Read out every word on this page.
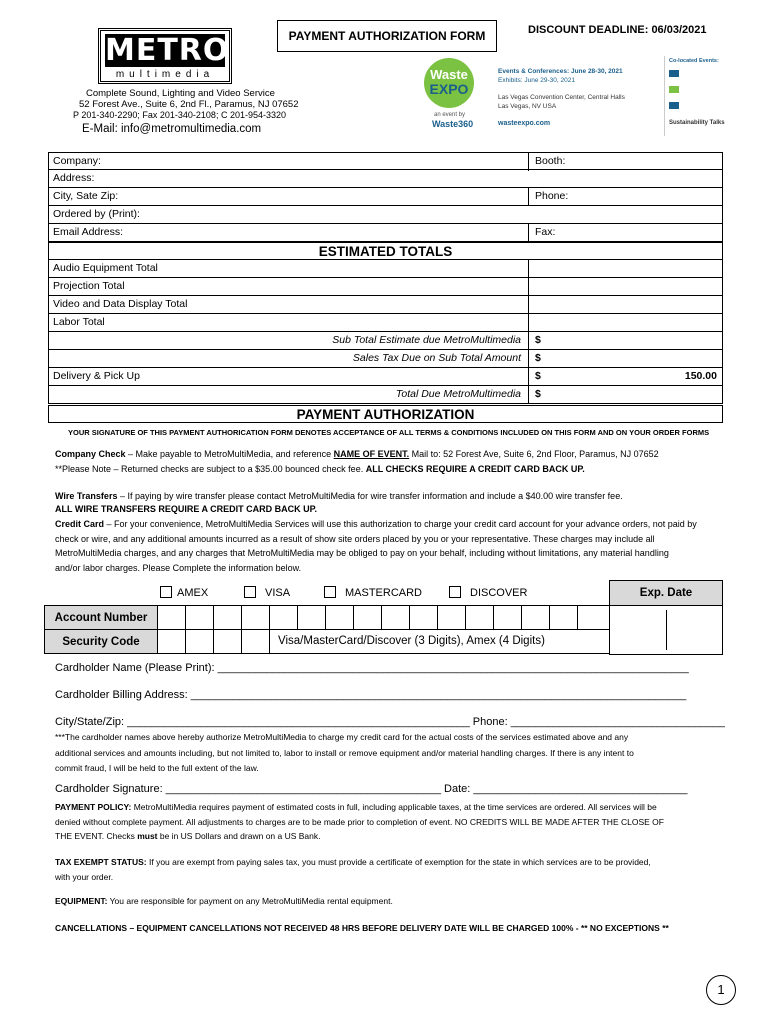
PAYMENT AUTHORIZATION FORM	DISCOUNT DEADLINE: 06/03/2021
METRO
multimedia
Complete Sound, Lighting and Video Service
52 Forest Ave., Suite 6, 2nd Fl., Paramus, NJ 07652
P 201-340-2290; Fax 201-340-2108; C 201-954-3320
E-Mail: info@metromultimedia.com
Waste
EXPO
an event by
Waste360
Events & Conferences: June 28-30, 2021
Exhibits: June 29-30, 2021
Las Vegas Convention Center, Central Halls
Las Vegas, NV USA
wasteexpo.com
Co-located Events:
Sustainability Talks
Company:	Booth:
Address:
City, Sate Zip:	Phone:
Ordered by (Print):
Email Address:	Fax:
ESTIMATED TOTALS
Audio Equipment Total
Projection Total
Video and Data Display Total
Labor Total
Sub Total Estimate due MetroMultimedia $
Sales Tax Due on Sub Total Amount $
Delivery & Pick Up	$	150.00
Total Due MetroMultimedia $
PAYMENT AUTHORIZATION
YOUR SIGNATURE OF THIS PAYMENT AUTHORICATION FORM DENOTES ACCEPTANCE OF ALL TERMS & CONDITIONS INCLUDED ON THIS FORM AND ON YOUR ORDER FORMS
Company Check – Make payable to MetroMultiMedia, and reference NAME OF EVENT. Mail to: 52 Forest Ave, Suite 6, 2nd Floor, Paramus, NJ 07652
**Please Note – Returned checks are subject to a $35.00 bounced check fee. ALL CHECKS REQUIRE A CREDIT CARD BACK UP.
Wire Transfers – If paying by wire transfer please contact MetroMultiMedia for wire transfer information and include a $40.00 wire transfer fee.
ALL WIRE TRANSFERS REQUIRE A CREDIT CARD BACK UP.
Credit Card – For your convenience, MetroMultiMedia Services will use this authorization to charge your credit card account for your advance orders, not paid by
check or wire, and any additional amounts incurred as a result of show site orders placed by you or your representative. These charges may include all
MetroMultiMedia charges, and any charges that MetroMultiMedia may be obliged to pay on your behalf, including without limitations, any material handling
and/or labor charges. Please Complete the information below.
AMEX	VISA	MASTERCARD	DISCOVER	Exp. Date
Account Number
Security Code	Visa/MasterCard/Discover (3 Digits), Amex (4 Digits)
Cardholder Name (Please Print): _____________________________________________________________________________
Cardholder Billing Address: _________________________________________________________________________________
City/State/Zip: ________________________________________________________ Phone: ___________________________________
***The cardholder names above hereby authorize MetroMultiMedia to charge my credit card for the actual costs of the services estimated above and any
additional services and amounts including, but not limited to, labor to install or remove equipment and/or material handling charges. If there is any intent to
commit fraud, I will be held to the full extent of the law.
Cardholder Signature: _____________________________________________ Date: ___________________________________
PAYMENT POLICY: MetroMultiMedia requires payment of estimated costs in full, including applicable taxes, at the time services are ordered. All services will be
denied without complete payment. All adjustments to charges are to be made prior to completion of event. NO CREDITS WILL BE MADE AFTER THE CLOSE OF
THE EVENT. Checks must be in US Dollars and drawn on a US Bank.
TAX EXEMPT STATUS: If you are exempt from paying sales tax, you must provide a certificate of exemption for the state in which services are to be provided,
with your order.
EQUIPMENT: You are responsible for payment on any MetroMultiMedia rental equipment.
CANCELLATIONS – EQUIPMENT CANCELLATIONS NOT RECEIVED 48 HRS BEFORE DELIVERY DATE WILL BE CHARGED 100% - ** NO EXCEPTIONS **
1
